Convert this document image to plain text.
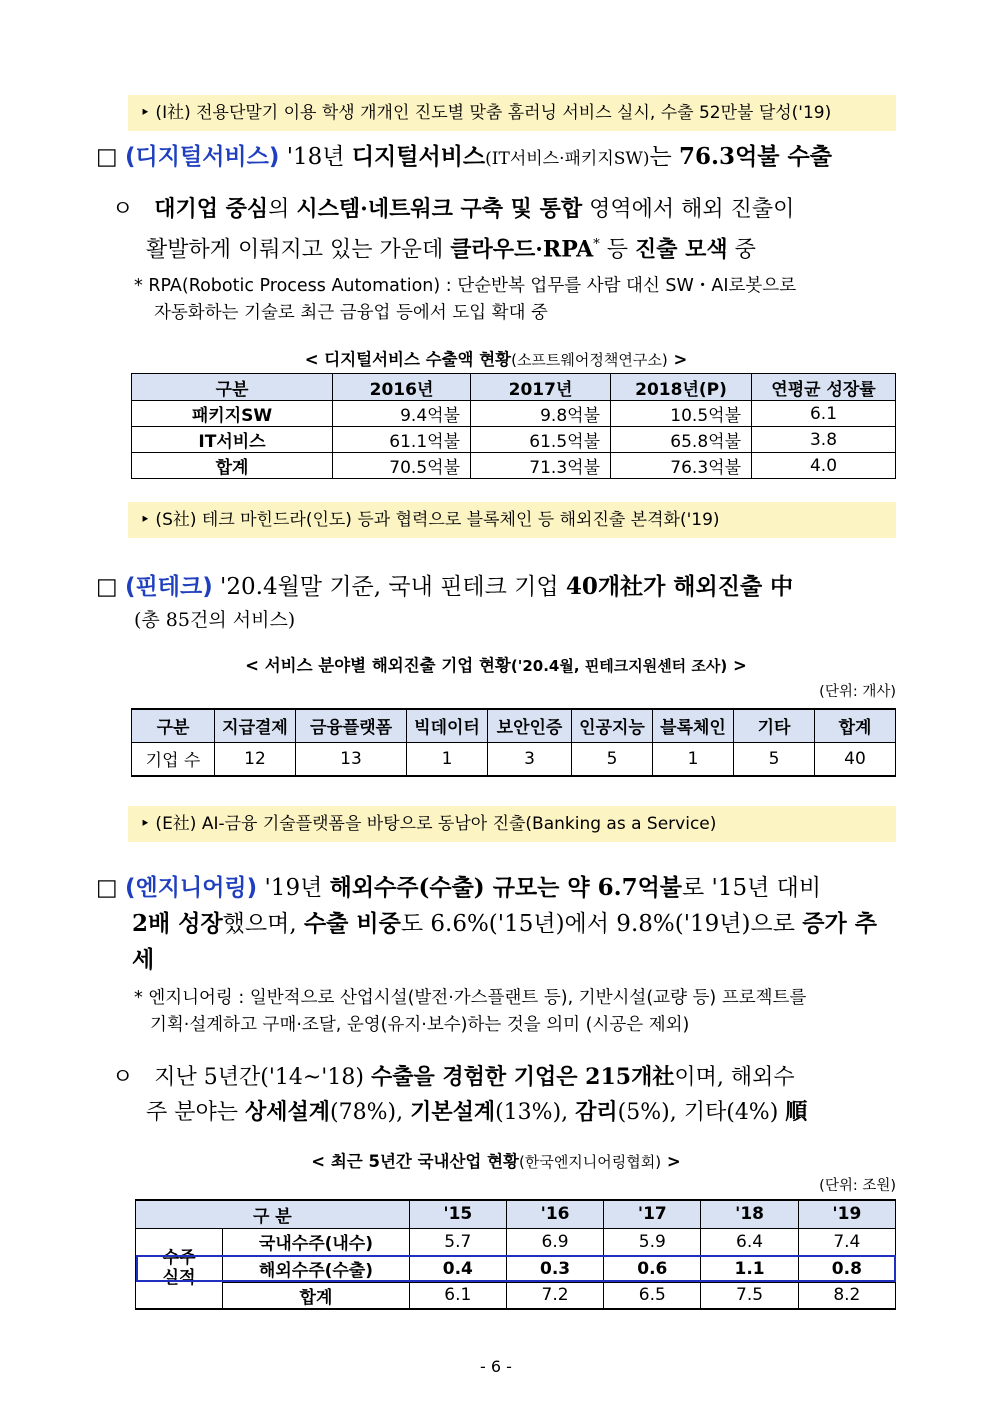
‣ (I社) 전용단말기 이용 학생 개개인 진도별 맞춤 홈러닝 서비스 실시, 수출 52만불 달성('19)
□ (디지털서비스) '18년 디지털서비스(IT서비스·패키지SW)는 76.3억불 수출
ㅇ 대기업 중심의 시스템·네트워크 구축 및 통합 영역에서 해외 진출이
활발하게 이뤄지고 있는 가운데 클라우드·RPA* 등 진출 모색 중
* RPA(Robotic Process Automation) : 단순반복 업무를 사람 대신 SW・AI로봇으로
자동화하는 기술로 최근 금융업 등에서 도입 확대 중
< 디지털서비스 수출액 현황(소프트웨어정책연구소) >
구분	2016년	2017년	2018년(P)	연평균 성장률
패키지SW	9.4억불	9.8억불	10.5억불	6.1
IT서비스	61.1억불	61.5억불	65.8억불	3.8
합계	70.5억불	71.3억불	76.3억불	4.0
‣ (S社) 테크 마힌드라(인도) 등과 협력으로 블록체인 등 해외진출 본격화('19)
□ (핀테크) '20.4월말 기준, 국내 핀테크 기업 40개社가 해외진출 中
(총 85건의 서비스)
< 서비스 분야별 해외진출 기업 현황('20.4월, 핀테크지원센터 조사) >
(단위: 개사)
구분	지급결제	금융플랫폼	빅데이터	보안인증	인공지능	블록체인	기타	합계
기업 수	12	13	1	3	5	1	5	40
‣ (E社) AI-금융 기술플랫폼을 바탕으로 동남아 진출(Banking as a Service)
□ (엔지니어링) '19년 해외수주(수출) 규모는 약 6.7억불로 '15년 대비
2배 성장했으며, 수출 비중도 6.6%('15년)에서 9.8%('19년)으로 증가 추
세
* 엔지니어링 : 일반적으로 산업시설(발전·가스플랜트 등), 기반시설(교량 등) 프로젝트를
기획·설계하고 구매·조달, 운영(유지·보수)하는 것을 의미 (시공은 제외)
ㅇ 지난 5년간('14~'18) 수출을 경험한 기업은 215개社이며, 해외수
주 분야는 상세설계(78%), 기본설계(13%), 감리(5%), 기타(4%) 順
< 최근 5년간 국내산업 현황(한국엔지니어링협회) >
(단위: 조원)
구 분		'15	'16	'17	'18	'19
수주
실적	국내수주(내수)	5.7	6.9	5.9	6.4	7.4
	해외수주(수출)	0.4	0.3	0.6	1.1	0.8
	합계	6.1	7.2	6.5	7.5	8.2
- 6 -
